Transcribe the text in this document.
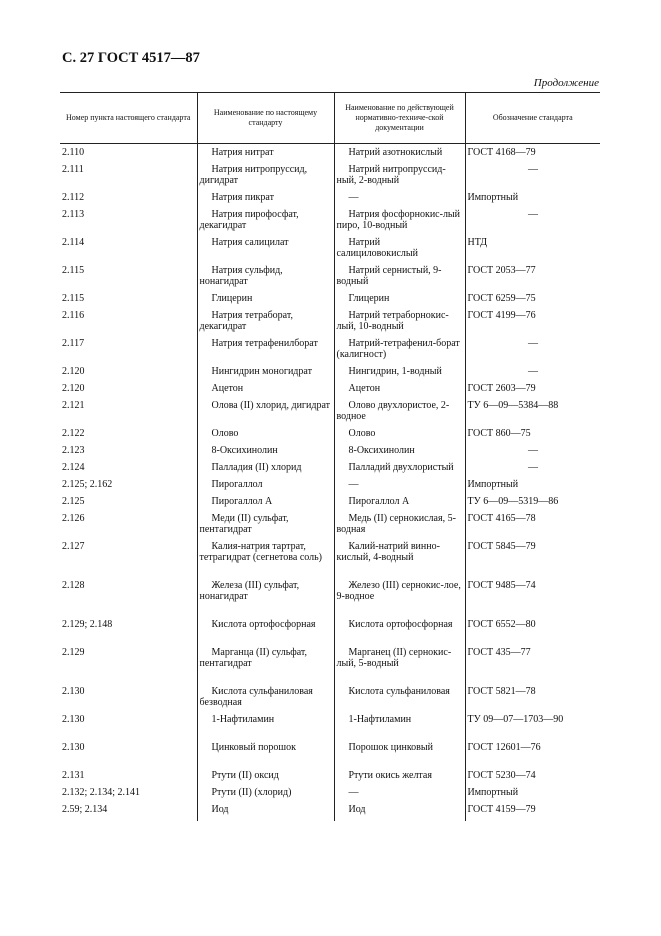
С. 27 ГОСТ 4517—87
Продолжение
Номер пункта настоящего стандарта	Наименование по настоящему стандарту	Наименование по действующей нормативно-техниче-ской документации	Обозначение стандарта
2.110	Натрия нитрат	Натрий азотнокислый	ГОСТ 4168—79
2.111	Натрия нитропруссид, дигидрат	Натрий нитропруссид-ный, 2-водный	—
2.112	Натрия пикрат	—	Импортный
2.113	Натрия пирофосфат, декагидрат	Натрия фосфорнокис-лый пиро, 10-водный	—
2.114	Натрия салицилат	Натрий салициловокислый	НТД
2.115	Натрия сульфид, нонагидрат	Натрий сернистый, 9-водный	ГОСТ 2053—77
2.115	Глицерин	Глицерин	ГОСТ 6259—75
2.116	Натрия тетраборат, декагидрат	Натрий тетраборнокис-лый, 10-водный	ГОСТ 4199—76
2.117	Натрия тетрафенилборат	Натрий-тетрафенил-борат (калигност)	—
2.120	Нингидрин моногидрат	Нингидрин, 1-водный	—
2.120	Ацетон	Ацетон	ГОСТ 2603—79
2.121	Олова (II) хлорид, дигидрат	Олово двухлористое, 2-водное	ТУ 6—09—5384—88
2.122	Олово	Олово	ГОСТ 860—75
2.123	8-Оксихинолин	8-Оксихинолин	—
2.124	Палладия (II) хлорид	Палладий двухлористый	—
2.125; 2.162	Пирогаллол	—	Импортный
2.125	Пирогаллол А	Пирогаллол А	ТУ 6—09—5319—86
2.126	Меди (II) сульфат, пентагидрат	Медь (II) сернокислая, 5-водная	ГОСТ 4165—78
2.127	Калия-натрия тартрат, тетрагидрат (сегнетова соль)	Калий-натрий винно-кислый, 4-водный	ГОСТ 5845—79
2.128	Железа (III) сульфат, нонагидрат	Железо (III) сернокис-лое, 9-водное	ГОСТ 9485—74
2.129; 2.148	Кислота ортофосфорная	Кислота ортофосфорная	ГОСТ 6552—80
2.129	Марганца (II) сульфат, пентагидрат	Марганец (II) сернокис-лый, 5-водный	ГОСТ 435—77
2.130	Кислота сульфаниловая безводная	Кислота сульфаниловая	ГОСТ 5821—78
2.130	1-Нафтиламин	1-Нафтиламин	ТУ 09—07—1703—90
2.130	Цинковый порошок	Порошок цинковый	ГОСТ 12601—76
2.131	Ртути (II) оксид	Ртути окись желтая	ГОСТ 5230—74
2.132; 2.134; 2.141	Ртути (II) (хлорид)	—	Импортный
2.59; 2.134	Иод	Иод	ГОСТ 4159—79
